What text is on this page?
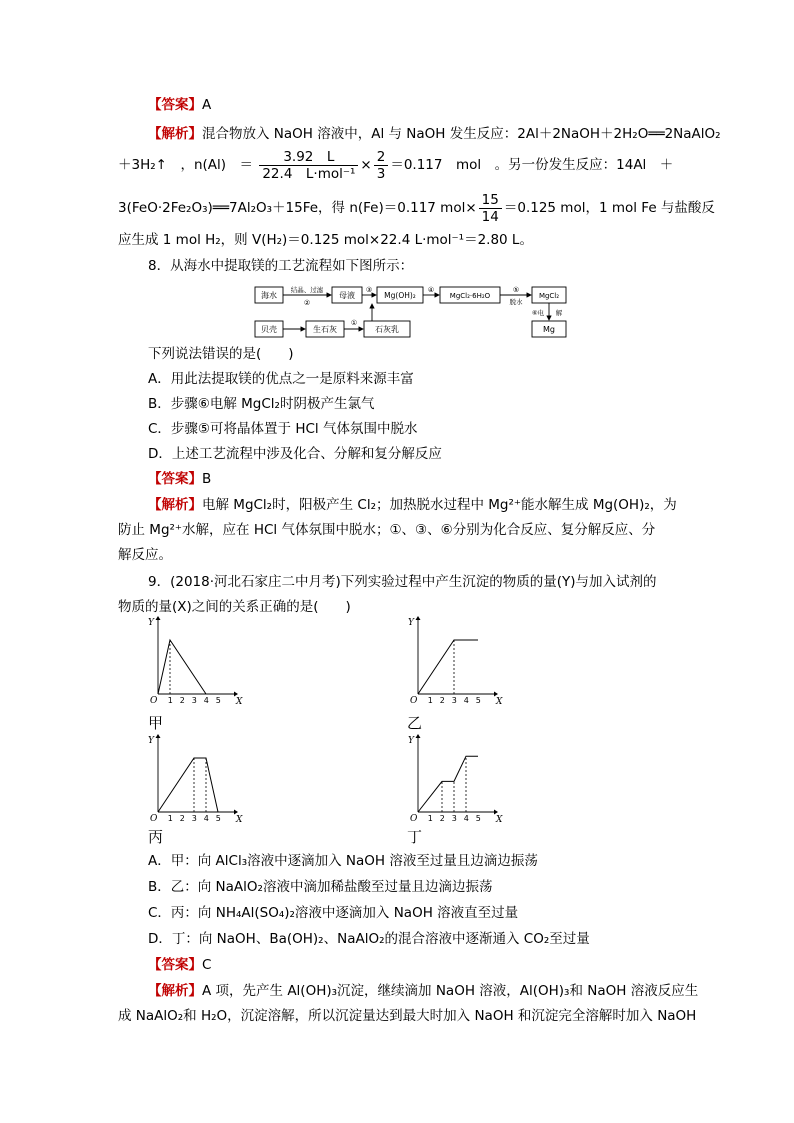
【答案】A
【解析】混合物放入 NaOH 溶液中，Al 与 NaOH 发生反应：2Al＋2NaOH＋2H₂O══2NaAlO₂
＋3H₂↑　，n(Al)　＝ $\frac{3.92 L}{\text{22.4　L·mol⁻¹}} \times \frac{2}{3} =0.117$　mol　。另一份发生反应：14Al　＋
3(FeO·2Fe₂O₃)══7Al₂O₃＋15Fe，得 n(Fe)＝0.117 $mol\times \frac{15}{14} =0.125$ mol，1 mol Fe 与盐酸反
应生成 1 mol H₂，则 V(H₂)＝0.125 mol×22.4 L·mol⁻¹＝2.80 L。
8．从海水中提取镁的工艺流程如下图所示：
海水
结晶、过滤
②
母液
③
Mg(OH)₂
④
MgCl₂·6H₂O
⑤
脱水
MgCl₂
⑥电 解
Mg
贝壳	生石灰
①
石灰乳
下列说法错误的是(　　)
A．用此法提取镁的优点之一是原料来源丰富
B．步骤⑥电解 MgCl₂时阴极产生氯气
C．步骤⑤可将晶体置于 HCl 气体氛围中脱水
D．上述工艺流程中涉及化合、分解和复分解反应
【答案】B
【解析】电解 MgCl₂时，阳极产生 Cl₂；加热脱水过程中 Mg²⁺能水解生成 Mg(OH)₂，为
防止 Mg²⁺水解，应在 HCl 气体氛围中脱水；①、③、⑥分别为化合反应、复分解反应、分
解反应。
9．(2018·河北石家庄二中月考)下列实验过程中产生沉淀的物质的量(Y)与加入试剂的
物质的量(X)之间的关系正确的是(　　)
Y
X
O 1 2 3 4 5
甲
Y
X
O 1 2 3 4 5
乙
Y
X
O 1 2 3 4 5
丙
Y
X
O 1 2 3 4 5
丁
A．甲：向 AlCl₃溶液中逐滴加入 NaOH 溶液至过量且边滴边振荡
B．乙：向 NaAlO₂溶液中滴加稀盐酸至过量且边滴边振荡
C．丙：向 NH₄Al(SO₄)₂溶液中逐滴加入 NaOH 溶液直至过量
D．丁：向 NaOH、Ba(OH)₂、NaAlO₂的混合溶液中逐渐通入 CO₂至过量
【答案】C
【解析】A 项，先产生 Al(OH)₃沉淀，继续滴加 NaOH 溶液，Al(OH)₃和 NaOH 溶液反应生
成 NaAlO₂和 H₂O，沉淀溶解，所以沉淀量达到最大时加入 NaOH 和沉淀完全溶解时加入 NaOH
